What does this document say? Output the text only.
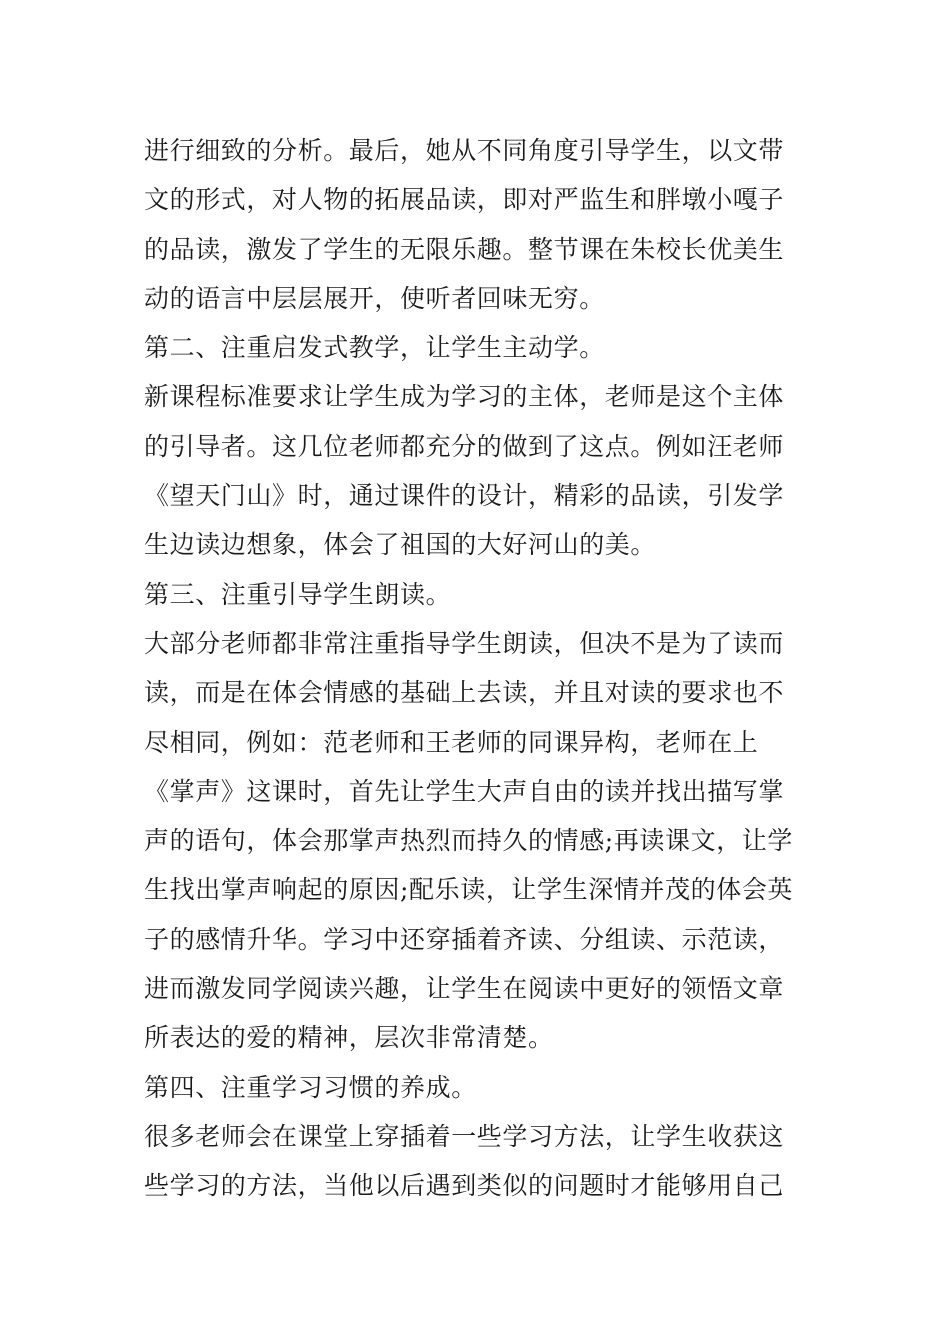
进行细致的分析。最后，她从不同角度引导学生，以文带
文的形式，对人物的拓展品读，即对严监生和胖墩小嘎子
的品读，激发了学生的无限乐趣。整节课在朱校长优美生
动的语言中层层展开，使听者回味无穷。
第二、注重启发式教学，让学生主动学。
新课程标准要求让学生成为学习的主体，老师是这个主体
的引导者。这几位老师都充分的做到了这点。例如汪老师
《望天门山》时，通过课件的设计，精彩的品读，引发学
生边读边想象，体会了祖国的大好河山的美。
第三、注重引导学生朗读。
大部分老师都非常注重指导学生朗读，但决不是为了读而
读，而是在体会情感的基础上去读，并且对读的要求也不
尽相同，例如：范老师和王老师的同课异构，老师在上
《掌声》这课时，首先让学生大声自由的读并找出描写掌
声的语句，体会那掌声热烈而持久的情感;再读课文，让学
生找出掌声响起的原因;配乐读，让学生深情并茂的体会英
子的感情升华。学习中还穿插着齐读、分组读、示范读，
进而激发同学阅读兴趣，让学生在阅读中更好的领悟文章
所表达的爱的精神，层次非常清楚。
第四、注重学习习惯的养成。
很多老师会在课堂上穿插着一些学习方法，让学生收获这
些学习的方法，当他以后遇到类似的问题时才能够用自己
